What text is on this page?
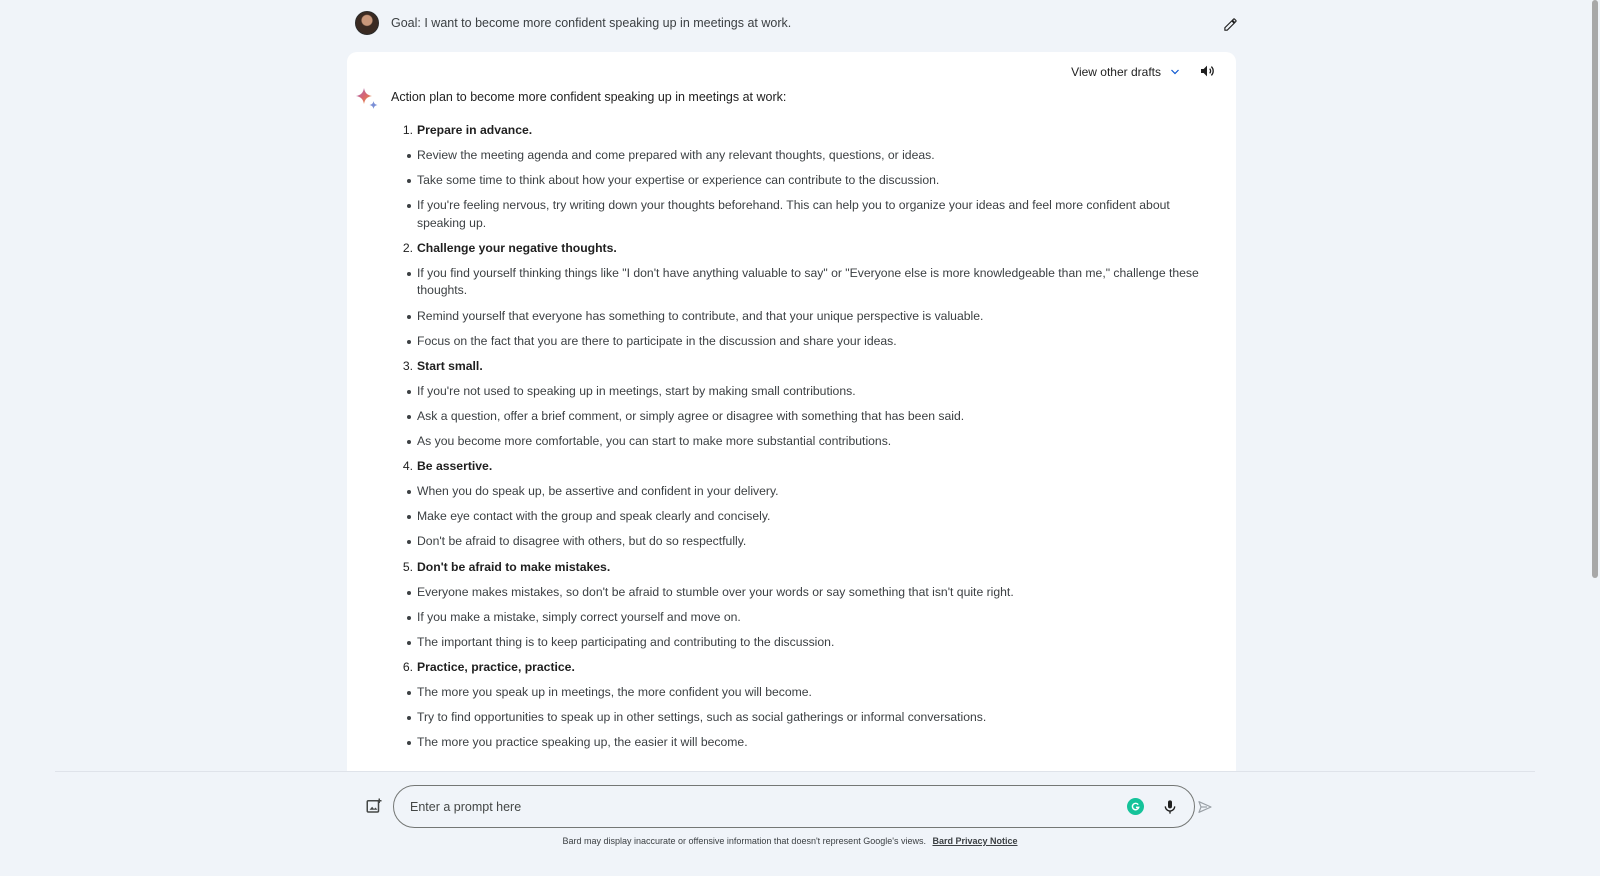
Goal: I want to become more confident speaking up in meetings at work.
View other drafts
Action plan to become more confident speaking up in meetings at work:
1. Prepare in advance.
Review the meeting agenda and come prepared with any relevant thoughts, questions, or ideas.
Take some time to think about how your expertise or experience can contribute to the discussion.
If you're feeling nervous, try writing down your thoughts beforehand. This can help you to organize your ideas and feel more confident about speaking up.
2. Challenge your negative thoughts.
If you find yourself thinking things like "I don't have anything valuable to say" or "Everyone else is more knowledgeable than me," challenge these thoughts.
Remind yourself that everyone has something to contribute, and that your unique perspective is valuable.
Focus on the fact that you are there to participate in the discussion and share your ideas.
3. Start small.
If you're not used to speaking up in meetings, start by making small contributions.
Ask a question, offer a brief comment, or simply agree or disagree with something that has been said.
As you become more comfortable, you can start to make more substantial contributions.
4. Be assertive.
When you do speak up, be assertive and confident in your delivery.
Make eye contact with the group and speak clearly and concisely.
Don't be afraid to disagree with others, but do so respectfully.
5. Don't be afraid to make mistakes.
Everyone makes mistakes, so don't be afraid to stumble over your words or say something that isn't quite right.
If you make a mistake, simply correct yourself and move on.
The important thing is to keep participating and contributing to the discussion.
6. Practice, practice, practice.
The more you speak up in meetings, the more confident you will become.
Try to find opportunities to speak up in other settings, such as social gatherings or informal conversations.
The more you practice speaking up, the easier it will become.
Enter a prompt here
Bard may display inaccurate or offensive information that doesn't represent Google's views. Bard Privacy Notice
